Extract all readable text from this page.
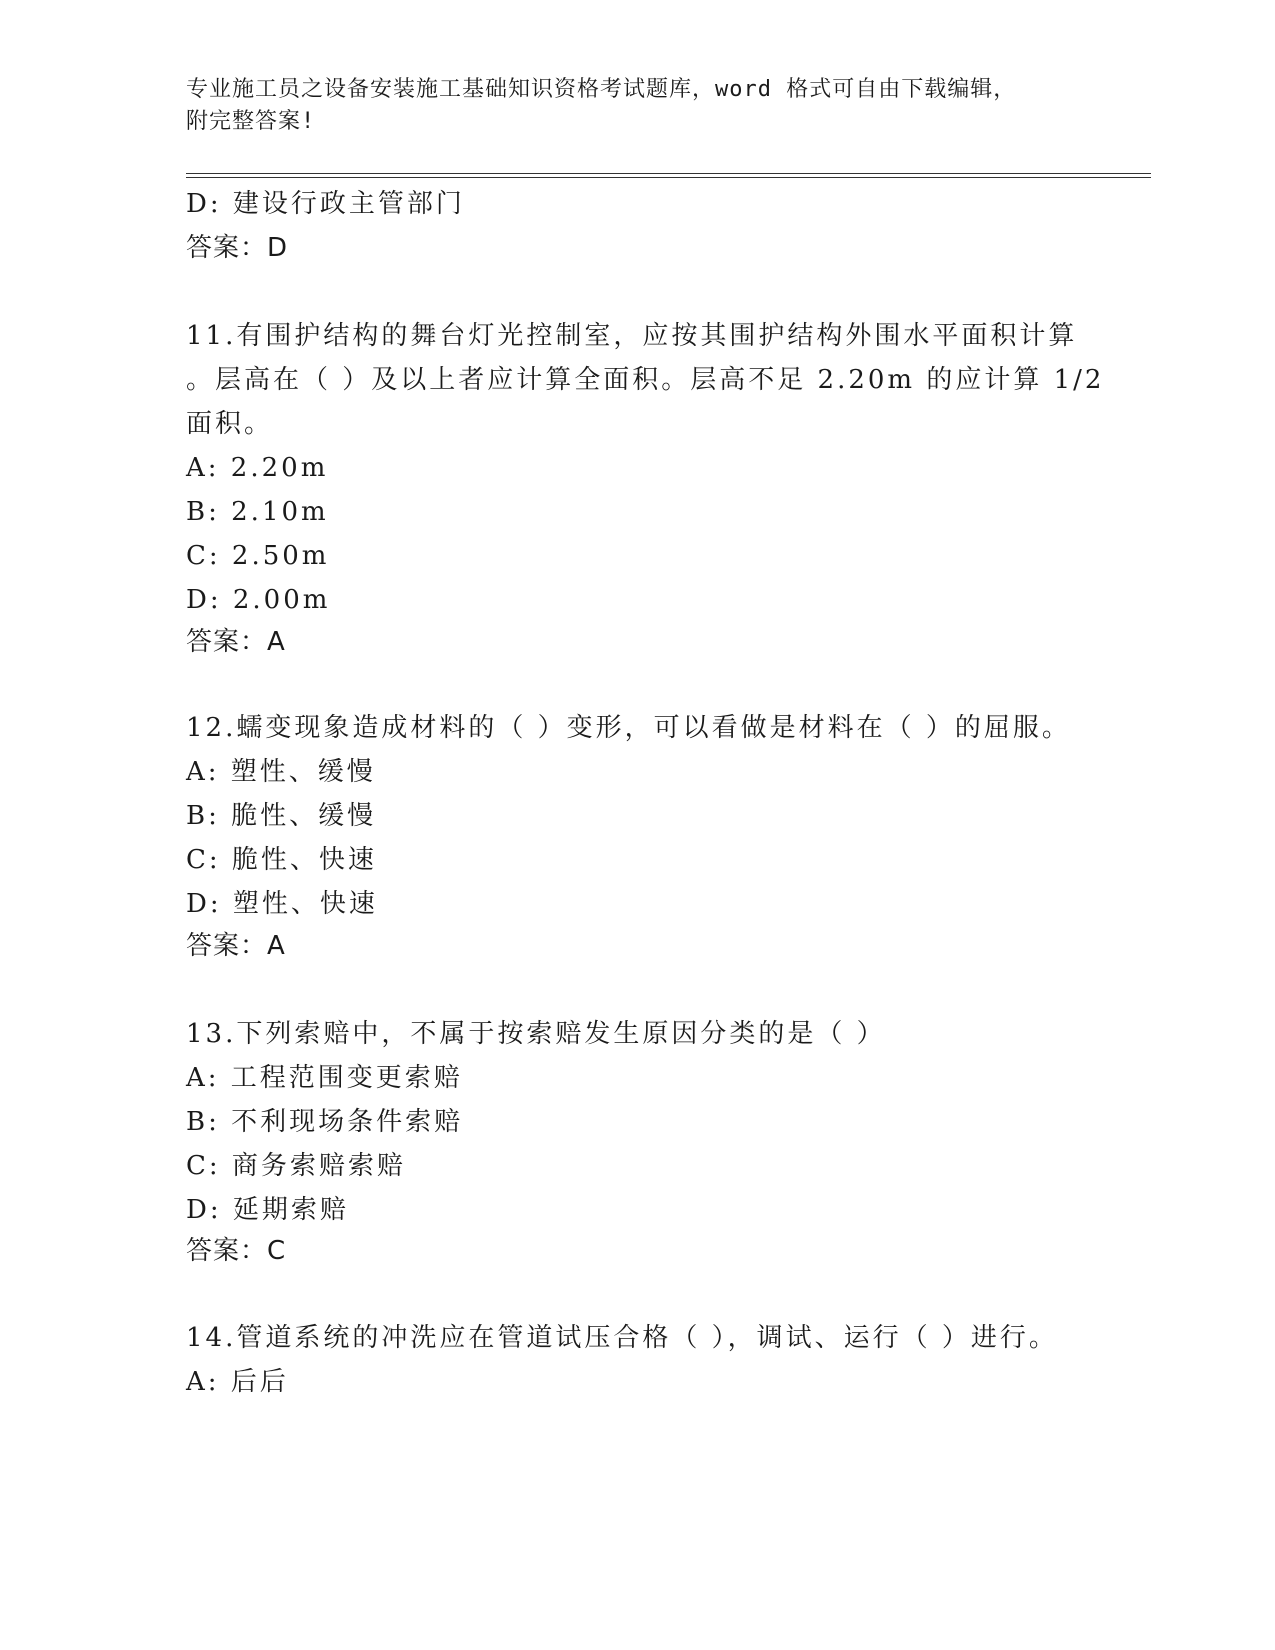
专业施工员之设备安装施工基础知识资格考试题库，word 格式可自由下载编辑，
附完整答案!
D: 建设行政主管部门
答案：D
11.有围护结构的舞台灯光控制室，应按其围护结构外围水平面积计算
。层高在（ ）及以上者应计算全面积。层高不足 2.20m 的应计算 1/2
面积。
A: 2.20m
B: 2.10m
C: 2.50m
D: 2.00m
答案：A
12.蠕变现象造成材料的（ ）变形，可以看做是材料在（ ）的屈服。
A: 塑性、缓慢
B: 脆性、缓慢
C: 脆性、快速
D: 塑性、快速
答案：A
13.下列索赔中，不属于按索赔发生原因分类的是（ ）
A: 工程范围变更索赔
B: 不利现场条件索赔
C: 商务索赔索赔
D: 延期索赔
答案：C
14.管道系统的冲洗应在管道试压合格（ ），调试、运行（ ）进行。
A: 后后
